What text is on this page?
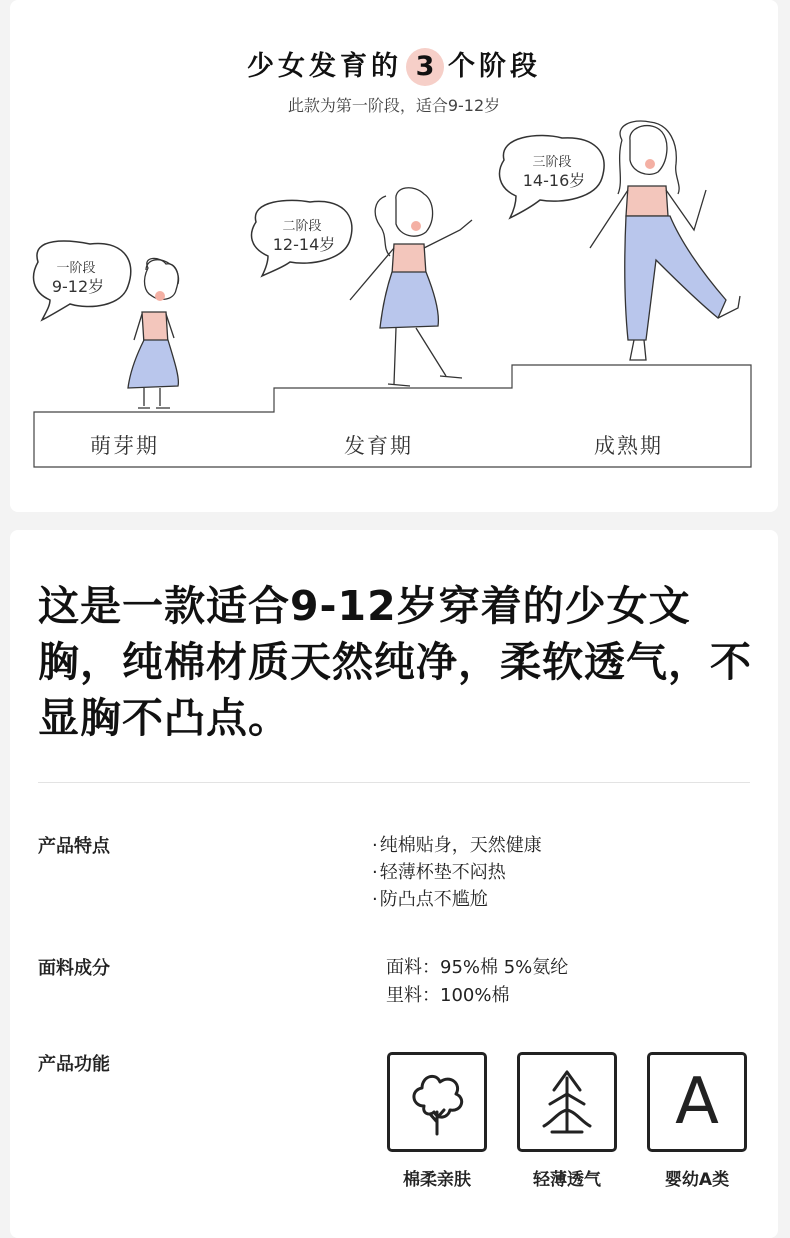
少女发育的 3 个阶段
此款为第一阶段，适合9-12岁
一阶段
9-12岁
二阶段
12-14岁
三阶段
14-16岁
萌芽期	发育期	成熟期
这是一款适合9-12岁穿着的少女文胸，纯棉材质天然纯净，柔软透气，不显胸不凸点。
产品特点
·	纯棉贴身，天然健康
· 轻薄杯垫不闷热
· 防凸点不尴尬
面料成分	面料：95%棉 5%氨纶
里料：100%棉
产品功能
棉柔亲肤	轻薄透气
A
婴幼A类
